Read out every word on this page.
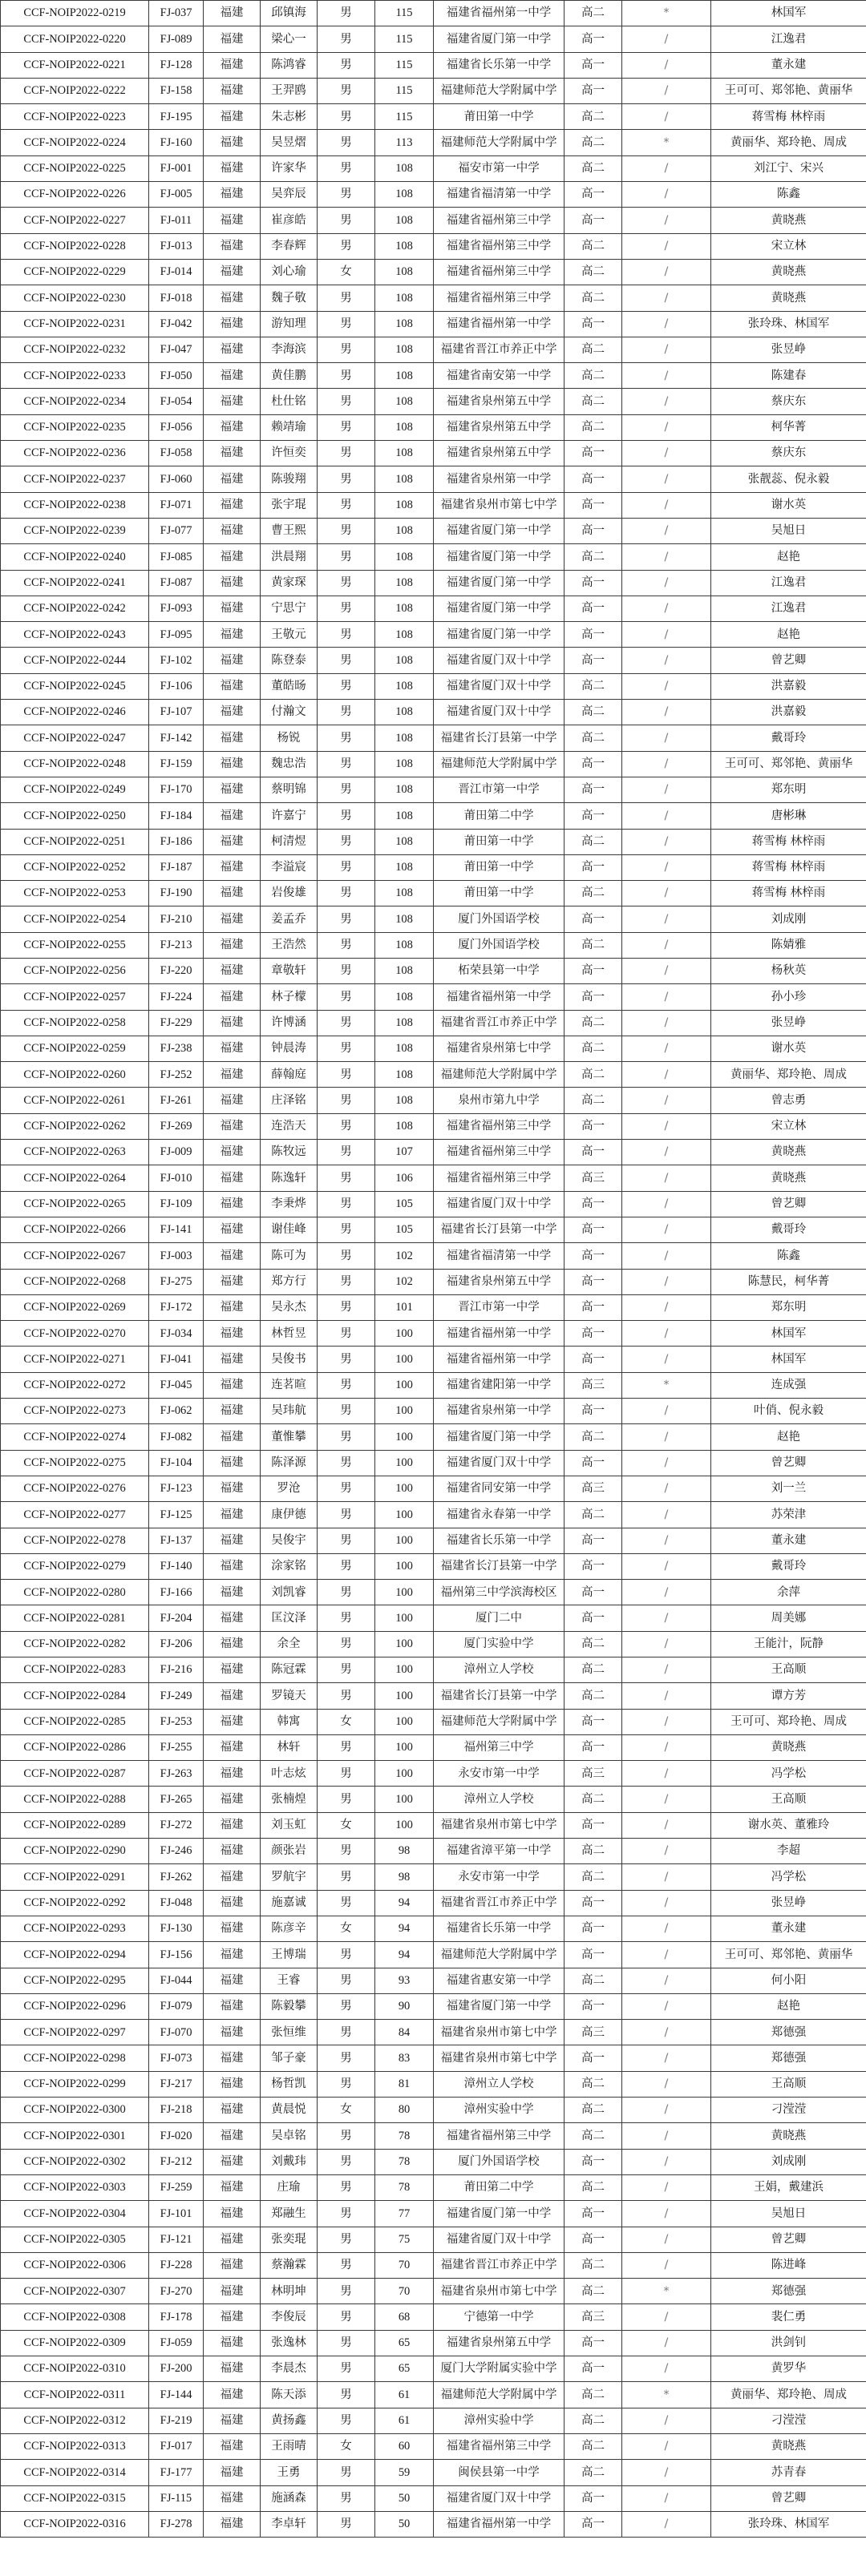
CCF-NOIP2022-0219	FJ-037	福建	邱镇海	男	115	福建省福州第一中学	高二	*	林国军
CCF-NOIP2022-0220	FJ-089	福建	梁心一	男	115	福建省厦门第一中学	高一	/	江逸君
CCF-NOIP2022-0221	FJ-128	福建	陈鸿睿	男	115	福建省长乐第一中学	高一	/	董永建
CCF-NOIP2022-0222	FJ-158	福建	王羿鸥	男	115	福建师范大学附属中学	高一	/	王可可、郑邻艳、黄丽华
CCF-NOIP2022-0223	FJ-195	福建	朱志彬	男	115	莆田第一中学	高二	/	蒋雪梅 林梓雨
CCF-NOIP2022-0224	FJ-160	福建	吴昱熠	男	113	福建师范大学附属中学	高二	*	黄丽华、郑玲艳、周成
CCF-NOIP2022-0225	FJ-001	福建	许家华	男	108	福安市第一中学	高二	/	刘江宁、宋兴
CCF-NOIP2022-0226	FJ-005	福建	吴弈辰	男	108	福建省福清第一中学	高一	/	陈鑫
CCF-NOIP2022-0227	FJ-011	福建	崔彦皓	男	108	福建省福州第三中学	高一	/	黄晓燕
CCF-NOIP2022-0228	FJ-013	福建	李春辉	男	108	福建省福州第三中学	高二	/	宋立林
CCF-NOIP2022-0229	FJ-014	福建	刘心瑜	女	108	福建省福州第三中学	高二	/	黄晓燕
CCF-NOIP2022-0230	FJ-018	福建	魏子敬	男	108	福建省福州第三中学	高二	/	黄晓燕
CCF-NOIP2022-0231	FJ-042	福建	游知理	男	108	福建省福州第一中学	高一	/	张玲珠、林国军
CCF-NOIP2022-0232	FJ-047	福建	李海滨	男	108	福建省晋江市养正中学	高二	/	张昱峥
CCF-NOIP2022-0233	FJ-050	福建	黄佳鹏	男	108	福建省南安第一中学	高二	/	陈建春
CCF-NOIP2022-0234	FJ-054	福建	杜仕铭	男	108	福建省泉州第五中学	高二	/	蔡庆东
CCF-NOIP2022-0235	FJ-056	福建	赖靖瑜	男	108	福建省泉州第五中学	高二	/	柯华菁
CCF-NOIP2022-0236	FJ-058	福建	许恒奕	男	108	福建省泉州第五中学	高一	/	蔡庆东
CCF-NOIP2022-0237	FJ-060	福建	陈骏翔	男	108	福建省泉州第一中学	高一	/	张靓蕊、倪永毅
CCF-NOIP2022-0238	FJ-071	福建	张宇琨	男	108	福建省泉州市第七中学	高一	/	谢水英
CCF-NOIP2022-0239	FJ-077	福建	曹王熙	男	108	福建省厦门第一中学	高一	/	吴旭日
CCF-NOIP2022-0240	FJ-085	福建	洪晨翔	男	108	福建省厦门第一中学	高二	/	赵艳
CCF-NOIP2022-0241	FJ-087	福建	黄家琛	男	108	福建省厦门第一中学	高一	/	江逸君
CCF-NOIP2022-0242	FJ-093	福建	宁思宁	男	108	福建省厦门第一中学	高一	/	江逸君
CCF-NOIP2022-0243	FJ-095	福建	王敬元	男	108	福建省厦门第一中学	高一	/	赵艳
CCF-NOIP2022-0244	FJ-102	福建	陈登泰	男	108	福建省厦门双十中学	高一	/	曾艺卿
CCF-NOIP2022-0245	FJ-106	福建	董皓旸	男	108	福建省厦门双十中学	高二	/	洪嘉毅
CCF-NOIP2022-0246	FJ-107	福建	付瀚文	男	108	福建省厦门双十中学	高二	/	洪嘉毅
CCF-NOIP2022-0247	FJ-142	福建	杨锐	男	108	福建省长汀县第一中学	高二	/	戴哥玲
CCF-NOIP2022-0248	FJ-159	福建	魏忠浩	男	108	福建师范大学附属中学	高一	/	王可可、郑邻艳、黄丽华
CCF-NOIP2022-0249	FJ-170	福建	蔡明锦	男	108	晋江市第一中学	高一	/	郑东明
CCF-NOIP2022-0250	FJ-184	福建	许嘉宁	男	108	莆田第二中学	高一	/	唐彬琳
CCF-NOIP2022-0251	FJ-186	福建	柯清煜	男	108	莆田第一中学	高二	/	蒋雪梅 林梓雨
CCF-NOIP2022-0252	FJ-187	福建	李溢宸	男	108	莆田第一中学	高一	/	蒋雪梅 林梓雨
CCF-NOIP2022-0253	FJ-190	福建	岩俊雄	男	108	莆田第一中学	高二	/	蒋雪梅 林梓雨
CCF-NOIP2022-0254	FJ-210	福建	姜孟乔	男	108	厦门外国语学校	高一	/	刘成刚
CCF-NOIP2022-0255	FJ-213	福建	王浩然	男	108	厦门外国语学校	高二	/	陈婧雅
CCF-NOIP2022-0256	FJ-220	福建	章敬轩	男	108	柘荣县第一中学	高一	/	杨秋英
CCF-NOIP2022-0257	FJ-224	福建	林子檬	男	108	福建省福州第一中学	高一	/	孙小珍
CCF-NOIP2022-0258	FJ-229	福建	许博涵	男	108	福建省晋江市养正中学	高二	/	张昱峥
CCF-NOIP2022-0259	FJ-238	福建	钟晨涛	男	108	福建省泉州第七中学	高二	/	谢水英
CCF-NOIP2022-0260	FJ-252	福建	薛翰庭	男	108	福建师范大学附属中学	高二	/	黄丽华、郑玲艳、周成
CCF-NOIP2022-0261	FJ-261	福建	庄泽铭	男	108	泉州市第九中学	高二	/	曾志勇
CCF-NOIP2022-0262	FJ-269	福建	连浩天	男	108	福建省福州第三中学	高一	/	宋立林
CCF-NOIP2022-0263	FJ-009	福建	陈牧远	男	107	福建省福州第三中学	高一	/	黄晓燕
CCF-NOIP2022-0264	FJ-010	福建	陈逸轩	男	106	福建省福州第三中学	高三	/	黄晓燕
CCF-NOIP2022-0265	FJ-109	福建	李秉烨	男	105	福建省厦门双十中学	高一	/	曾艺卿
CCF-NOIP2022-0266	FJ-141	福建	谢佳峰	男	105	福建省长汀县第一中学	高一	/	戴哥玲
CCF-NOIP2022-0267	FJ-003	福建	陈可为	男	102	福建省福清第一中学	高一	/	陈鑫
CCF-NOIP2022-0268	FJ-275	福建	郑方行	男	102	福建省泉州第五中学	高一	/	陈慧民，柯华菁
CCF-NOIP2022-0269	FJ-172	福建	吴永杰	男	101	晋江市第一中学	高一	/	郑东明
CCF-NOIP2022-0270	FJ-034	福建	林哲昱	男	100	福建省福州第一中学	高一	/	林国军
CCF-NOIP2022-0271	FJ-041	福建	吴俊书	男	100	福建省福州第一中学	高一	/	林国军
CCF-NOIP2022-0272	FJ-045	福建	连茗暄	男	100	福建省建阳第一中学	高三	*	连成强
CCF-NOIP2022-0273	FJ-062	福建	吴玮航	男	100	福建省泉州第一中学	高一	/	叶俏、倪永毅
CCF-NOIP2022-0274	FJ-082	福建	董惟攀	男	100	福建省厦门第一中学	高二	/	赵艳
CCF-NOIP2022-0275	FJ-104	福建	陈泽源	男	100	福建省厦门双十中学	高一	/	曾艺卿
CCF-NOIP2022-0276	FJ-123	福建	罗沧	男	100	福建省同安第一中学	高三	/	刘一兰
CCF-NOIP2022-0277	FJ-125	福建	康伊德	男	100	福建省永春第一中学	高二	/	苏荣津
CCF-NOIP2022-0278	FJ-137	福建	吴俊宇	男	100	福建省长乐第一中学	高一	/	董永建
CCF-NOIP2022-0279	FJ-140	福建	涂家铭	男	100	福建省长汀县第一中学	高一	/	戴哥玲
CCF-NOIP2022-0280	FJ-166	福建	刘凯睿	男	100	福州第三中学滨海校区	高一	/	余萍
CCF-NOIP2022-0281	FJ-204	福建	匡汶泽	男	100	厦门二中	高一	/	周美娜
CCF-NOIP2022-0282	FJ-206	福建	余全	男	100	厦门实验中学	高二	/	王能汁，阮静
CCF-NOIP2022-0283	FJ-216	福建	陈冠霖	男	100	漳州立人学校	高二	/	王高顺
CCF-NOIP2022-0284	FJ-249	福建	罗镜天	男	100	福建省长汀县第一中学	高二	/	谭方芳
CCF-NOIP2022-0285	FJ-253	福建	韩寓	女	100	福建师范大学附属中学	高一	/	王可可、郑玲艳、周成
CCF-NOIP2022-0286	FJ-255	福建	林轩	男	100	福州第三中学	高一	/	黄晓燕
CCF-NOIP2022-0287	FJ-263	福建	叶志炫	男	100	永安市第一中学	高三	/	冯学松
CCF-NOIP2022-0288	FJ-265	福建	张楠煌	男	100	漳州立人学校	高二	/	王高顺
CCF-NOIP2022-0289	FJ-272	福建	刘玉虹	女	100	福建省泉州市第七中学	高一	/	谢水英、董雅玲
CCF-NOIP2022-0290	FJ-246	福建	颜张岩	男	98	福建省漳平第一中学	高二	/	李超
CCF-NOIP2022-0291	FJ-262	福建	罗航宇	男	98	永安市第一中学	高二	/	冯学松
CCF-NOIP2022-0292	FJ-048	福建	施嘉诚	男	94	福建省晋江市养正中学	高一	/	张昱峥
CCF-NOIP2022-0293	FJ-130	福建	陈彦辛	女	94	福建省长乐第一中学	高一	/	董永建
CCF-NOIP2022-0294	FJ-156	福建	王博瑞	男	94	福建师范大学附属中学	高一	/	王可可、郑邻艳、黄丽华
CCF-NOIP2022-0295	FJ-044	福建	王睿	男	93	福建省惠安第一中学	高二	/	何小阳
CCF-NOIP2022-0296	FJ-079	福建	陈毅攀	男	90	福建省厦门第一中学	高一	/	赵艳
CCF-NOIP2022-0297	FJ-070	福建	张恒维	男	84	福建省泉州市第七中学	高三	/	郑德强
CCF-NOIP2022-0298	FJ-073	福建	邹子豪	男	83	福建省泉州市第七中学	高一	/	郑德强
CCF-NOIP2022-0299	FJ-217	福建	杨哲凯	男	81	漳州立人学校	高二	/	王高顺
CCF-NOIP2022-0300	FJ-218	福建	黄晨悦	女	80	漳州实验中学	高二	/	刁滢滢
CCF-NOIP2022-0301	FJ-020	福建	吴卓铭	男	78	福建省福州第三中学	高二	/	黄晓燕
CCF-NOIP2022-0302	FJ-212	福建	刘戴玮	男	78	厦门外国语学校	高一	/	刘成刚
CCF-NOIP2022-0303	FJ-259	福建	庄瑜	男	78	莆田第二中学	高二	/	王娟，戴建浜
CCF-NOIP2022-0304	FJ-101	福建	郑融生	男	77	福建省厦门第一中学	高一	/	吴旭日
CCF-NOIP2022-0305	FJ-121	福建	张奕琨	男	75	福建省厦门双十中学	高一	/	曾艺卿
CCF-NOIP2022-0306	FJ-228	福建	蔡瀚霖	男	70	福建省晋江市养正中学	高二	/	陈进峰
CCF-NOIP2022-0307	FJ-270	福建	林明坤	男	70	福建省泉州市第七中学	高二	*	郑德强
CCF-NOIP2022-0308	FJ-178	福建	李俊辰	男	68	宁德第一中学	高三	/	裴仁勇
CCF-NOIP2022-0309	FJ-059	福建	张逸林	男	65	福建省泉州第五中学	高一	/	洪剑钊
CCF-NOIP2022-0310	FJ-200	福建	李晨杰	男	65	厦门大学附属实验中学	高一	/	黄罗华
CCF-NOIP2022-0311	FJ-144	福建	陈天添	男	61	福建师范大学附属中学	高二	*	黄丽华、郑玲艳、周成
CCF-NOIP2022-0312	FJ-219	福建	黄扬鑫	男	61	漳州实验中学	高二	/	刁滢滢
CCF-NOIP2022-0313	FJ-017	福建	王雨晴	女	60	福建省福州第三中学	高二	/	黄晓燕
CCF-NOIP2022-0314	FJ-177	福建	王勇	男	59	闽侯县第一中学	高二	/	苏青春
CCF-NOIP2022-0315	FJ-115	福建	施涵森	男	50	福建省厦门双十中学	高一	/	曾艺卿
CCF-NOIP2022-0316	FJ-278	福建	李卓轩	男	50	福建省福州第一中学	高一	/	张玲珠、林国军
